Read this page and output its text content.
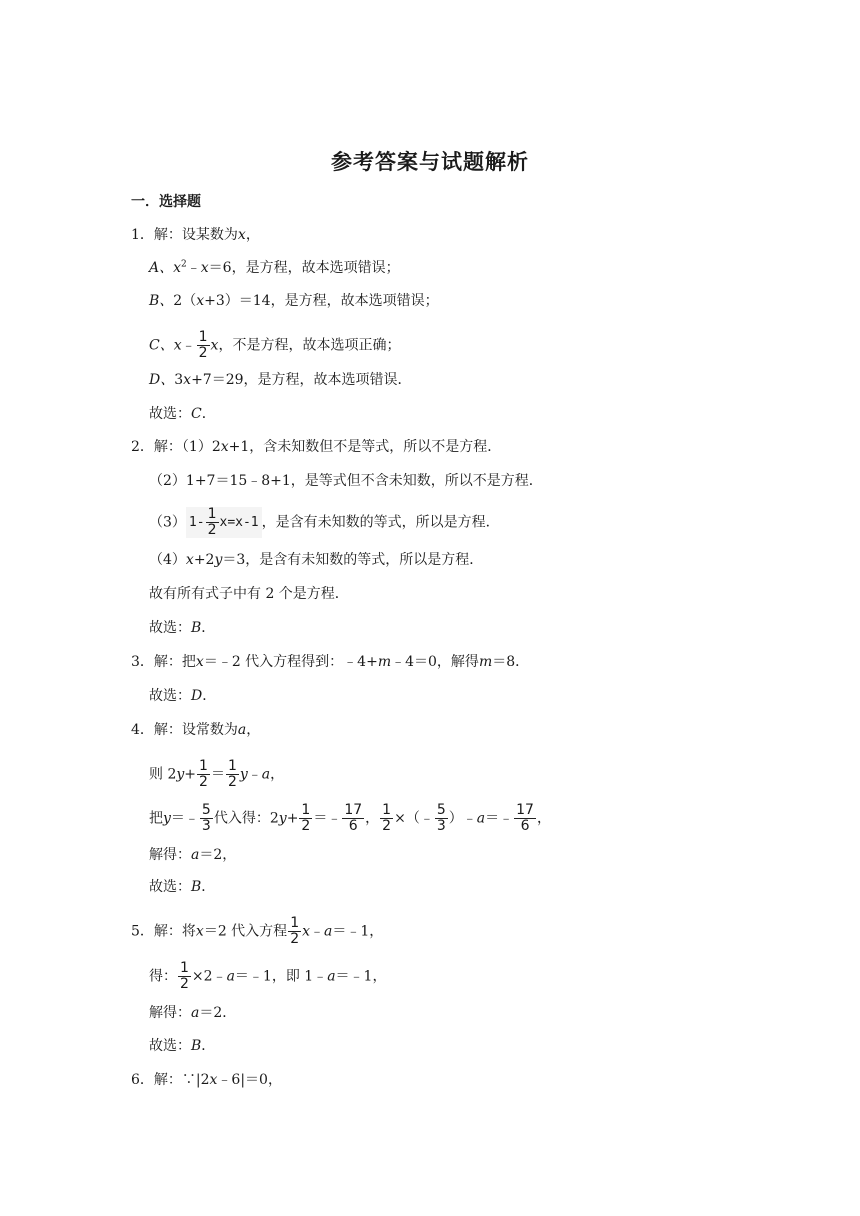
参考答案与试题解析
一．选择题
1．解：设某数为x，
A、$x^2﹣x=6$，是方程，故本选项错误；
B、2（x+3）＝14，是方程，故本选项错误；
C、x﹣ $\frac{1}{2}$ x，不是方程，故本选项正确；
D、3x+7＝29，是方程，故本选项错误．
故选：C．
2．解：（1）2x+1，含未知数但不是等式，所以不是方程．
（2）1+7＝15﹣8+1，是等式但不含未知数，所以不是方程．
（3） $1- \frac{1}{2} x=x-1$ ，是含有未知数的等式，所以是方程．
（4）x+2y＝3，是含有未知数的等式，所以是方程．
故有所有式子中有 2 个是方程．
故选：B．
3．解：把x＝﹣2 代入方程得到：﹣4+m﹣4＝0，解得m＝8．
故选：D．
4．解：设常数为a，
则 $2y+ \frac{1}{2} = \frac{1}{2}$ y﹣a，
把y＝﹣ $\frac{5}{3}$ 代入得：$2y+ \frac{1}{2}$ ＝﹣ $\frac{17}{6}$ ， $\frac{1}{2}$ ×（﹣ $\frac{5}{3}$ ）﹣a＝﹣ $\frac{17}{6}$ ，
解得：a＝2，
故选：B．
5．解：将x＝2 代入方程 $\frac{1}{2}$ x﹣a＝﹣1，
得： $\frac{1}{2}$ ×2﹣a＝﹣1，即 1﹣a＝﹣1，
解得：a＝2．
故选：B．
6．解：∵|2x﹣6|＝0，
